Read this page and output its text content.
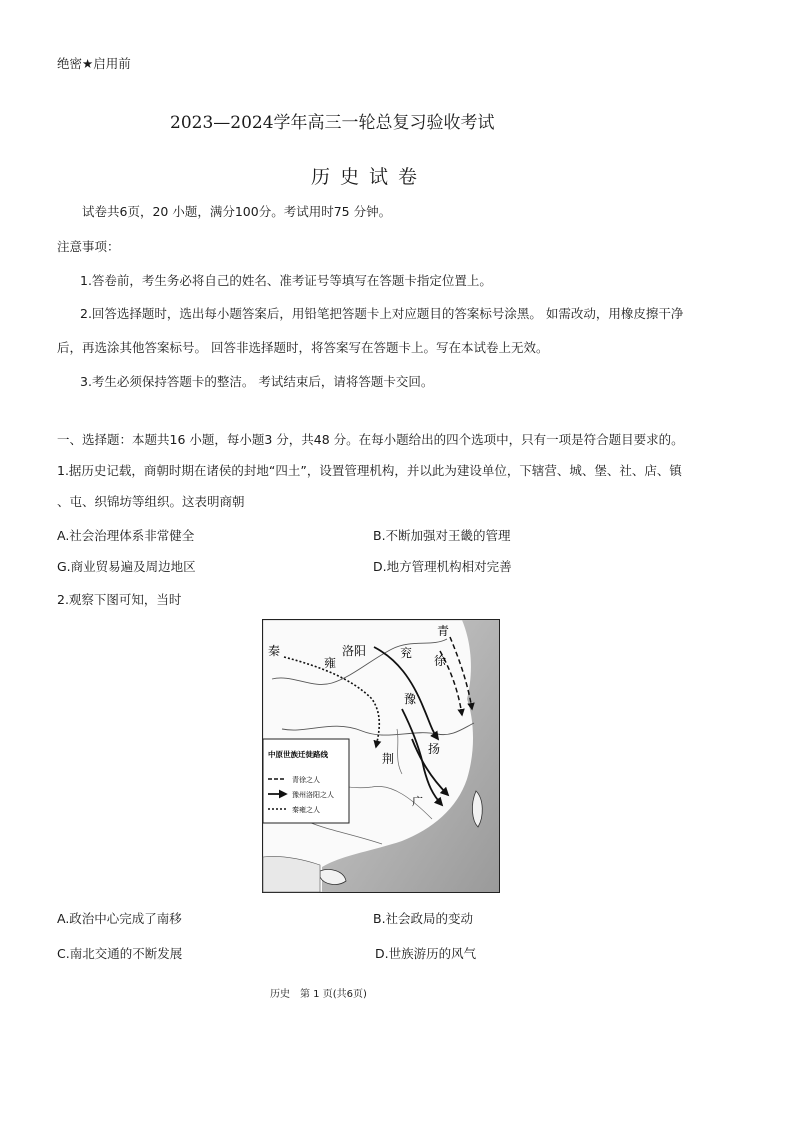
绝密★启用前
2023—2024学年高三一轮总复习验收考试
历史试卷
试卷共6页，20 小题，满分100分。考试用时75 分钟。
注意事项：
1.答卷前，考生务必将自己的姓名、准考证号等填写在答题卡指定位置上。
2.回答选择题时，选出每小题答案后，用铅笔把答题卡上对应题目的答案标号涂黑。 如需改动，用橡皮擦干净
后，再选涂其他答案标号。 回答非选择题时，将答案写在答题卡上。写在本试卷上无效。
3.考生必须保持答题卡的整洁。 考试结束后，请将答题卡交回。
一、选择题：本题共16 小题，每小题3 分，共48 分。在每小题给出的四个选项中，只有一项是符合题目要求的。
1.据历史记载，商朝时期在诸侯的封地“四土”，设置管理机构，并以此为建设单位，下辖营、城、堡、社、店、镇
、屯、织锦坊等组织。这表明商朝
A.社会治理体系非常健全	B.不断加强对王畿的管理
G.商业贸易遍及周边地区	D.地方管理机构相对完善
2.观察下图可知，当时
秦
雍
洛阳	兖
青
徐
豫
荆
扬
广
中原世族迁徙路线
青徐之人
豫州洛阳之人
秦雍之人
A.政治中心完成了南移	B.社会政局的变动
C.南北交通的不断发展	D.世族游历的风气
历史　第 1 页(共6页)
